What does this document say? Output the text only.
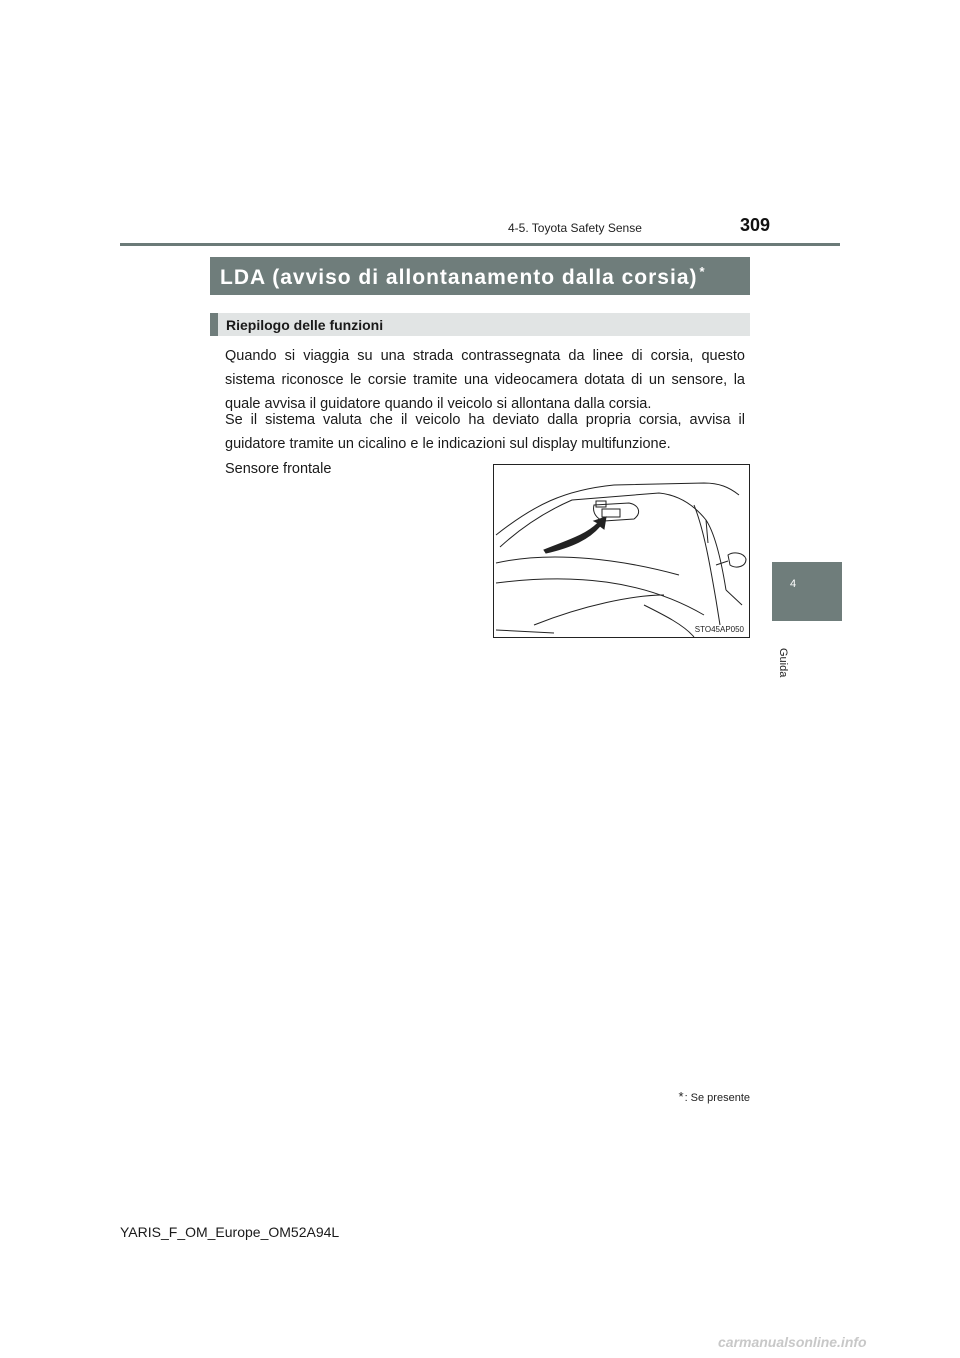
4-5. Toyota Safety Sense	309
LDA (avviso di allontanamento dalla corsia) *
Riepilogo delle funzioni
Quando si viaggia su una strada contrassegnata da linee di corsia, questo sistema riconosce le corsie tramite una videocamera dotata di un sensore, la quale avvisa il guidatore quando il veicolo si allontana dalla corsia.
Se il sistema valuta che il veicolo ha deviato dalla propria corsia, avvisa il guidatore tramite un cicalino e le indicazioni sul display multifunzione.
Sensore frontale
STO45AP050
4
Guida
*: Se presente
YARIS_F_OM_Europe_OM52A94L
carmanualsonline.info
